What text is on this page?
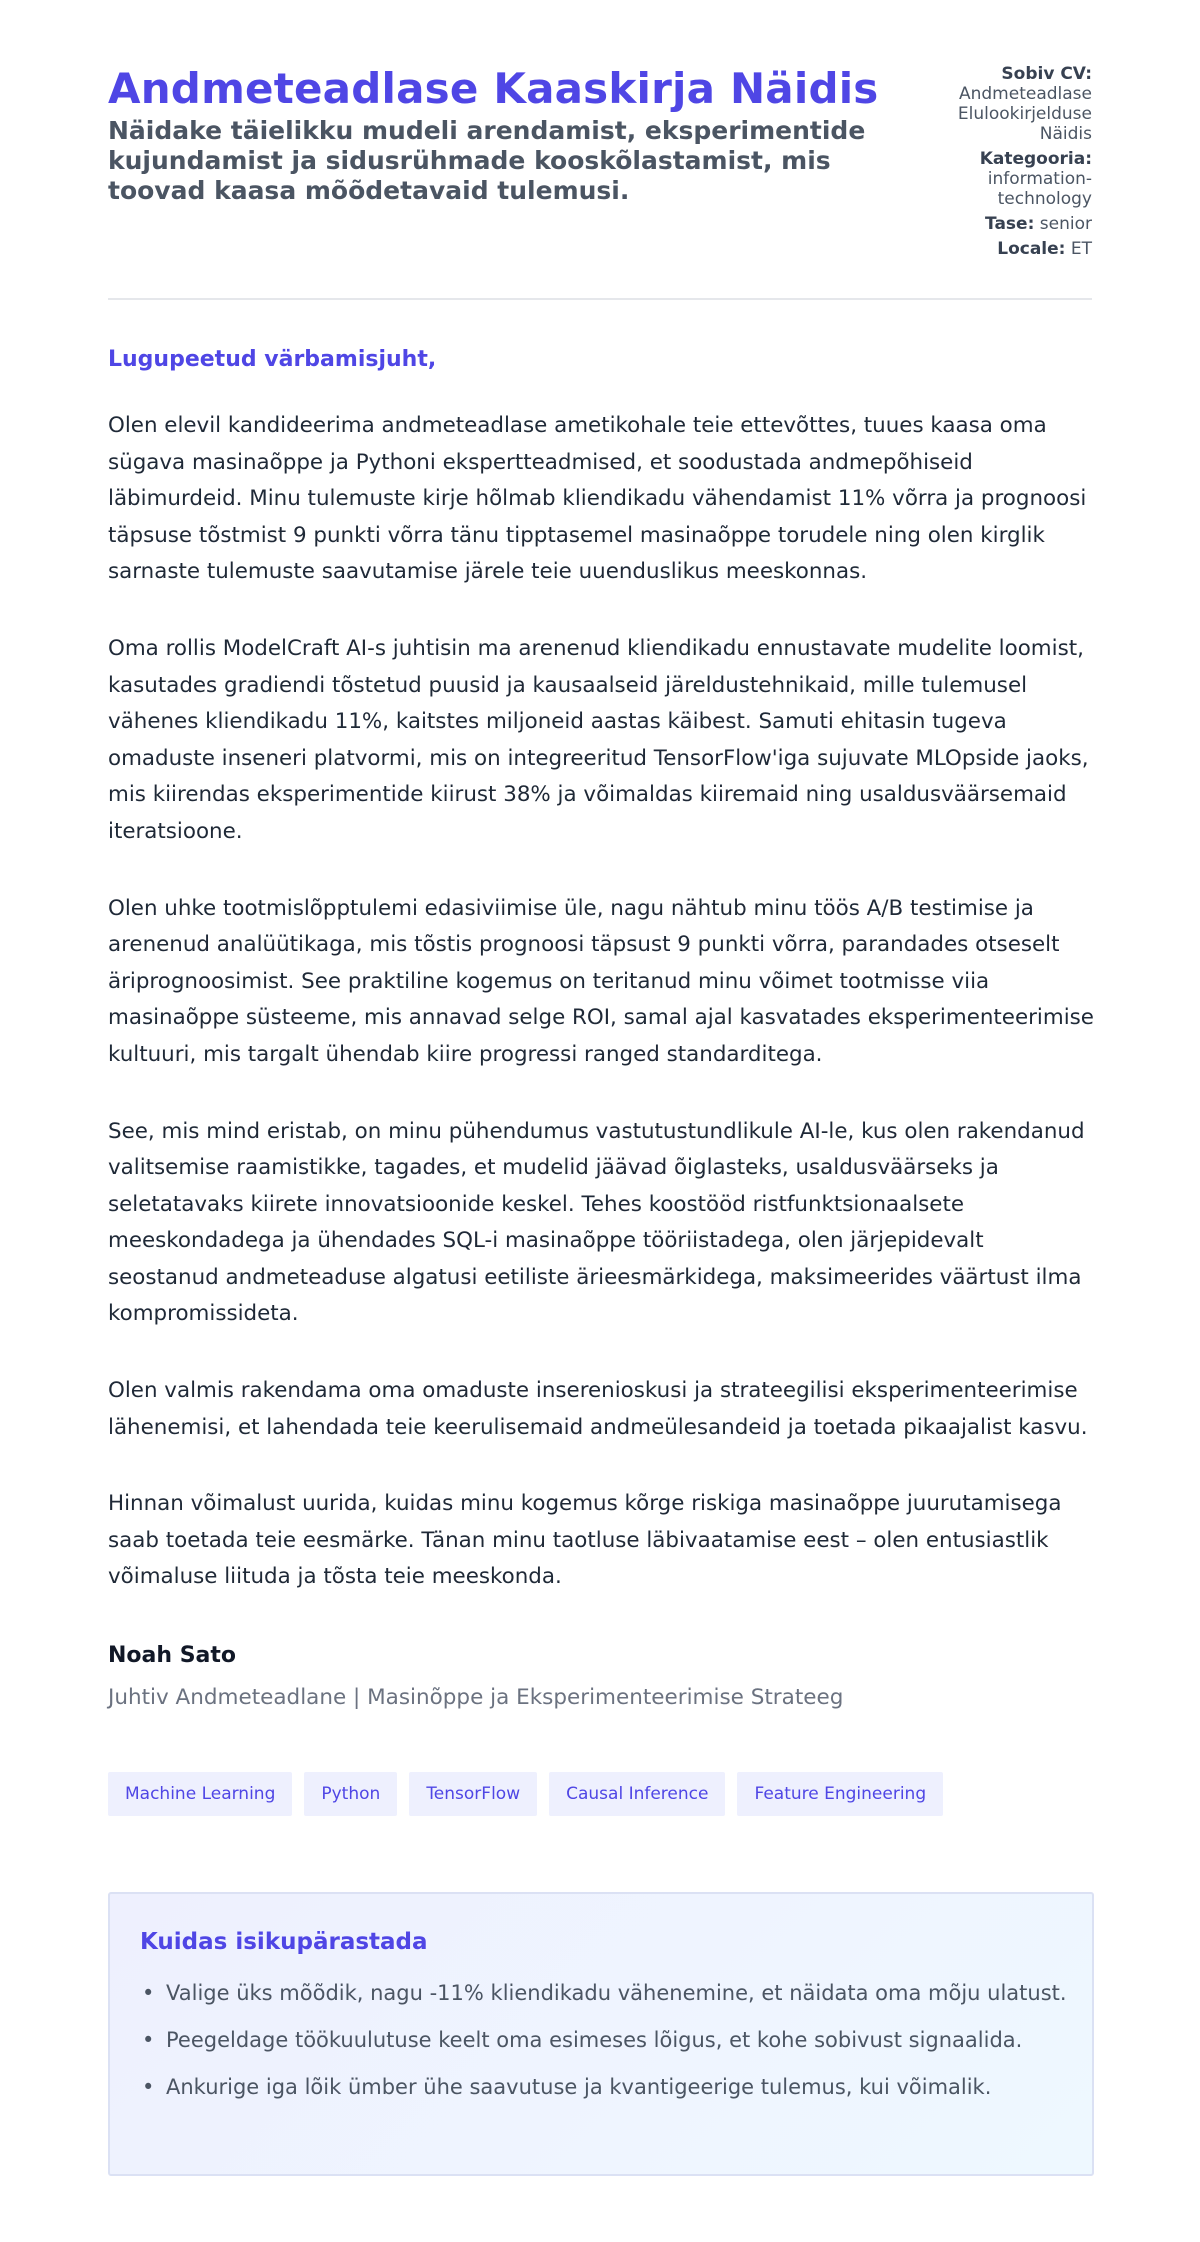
Andmeteadlase Kaaskirja Näidis

Näidake täielikku mudeli arendamist, eksperimentide kujundamist ja sidusrühmade kooskõlastamist, mis toovad kaasa mõõdetavaid tulemusi.

Sobiv CV:
Andmeteadlase Elulookirjelduse Näidis
Kategooria:
information-technology
Tase: senior
Locale: ET

Lugupeetud värbamisjuht,

Olen elevil kandideerima andmeteadlase ametikohale teie ettevõttes, tuues kaasa oma sügava masinaõppe ja Pythoni ekspertteadmised, et soodustada andmepõhiseid läbimurdeid. Minu tulemuste kirje hõlmab kliendikadu vähendamist 11% võrra ja prognoosi täpsuse tõstmist 9 punkti võrra tänu tipptasemel masinaõppe torudele ning olen kirglik sarnaste tulemuste saavutamise järele teie uuenduslikus meeskonnas.

Oma rollis ModelCraft AI-s juhtisin ma arenenud kliendikadu ennustavate mudelite loomist, kasutades gradiendi tõstetud puusid ja kausaalseid järeldustehnikaid, mille tulemusel vähenes kliendikadu 11%, kaitstes miljoneid aastas käibest. Samuti ehitasin tugeva omaduste inseneri platvormi, mis on integreeritud TensorFlow'iga sujuvate MLOpside jaoks, mis kiirendas eksperimentide kiirust 38% ja võimaldas kiiremaid ning usaldusväärsemaid iteratsioone.

Olen uhke tootmislõpptulemi edasiviimise üle, nagu nähtub minu töös A/B testimise ja arenenud analüütikaga, mis tõstis prognoosi täpsust 9 punkti võrra, parandades otseselt äriprognoosimist. See praktiline kogemus on teritanud minu võimet tootmisse viia masinaõppe süsteeme, mis annavad selge ROI, samal ajal kasvatades eksperimenteerimise kultuuri, mis targalt ühendab kiire progressi ranged standarditega.

See, mis mind eristab, on minu pühendumus vastutustundlikule AI-le, kus olen rakendanud valitsemise raamistikke, tagades, et mudelid jäävad õiglasteks, usaldusväärseks ja seletatavaks kiirete innovatsioonide keskel. Tehes koostööd ristfunktsionaalsete meeskondadega ja ühendades SQL-i masinaõppe tööriistadega, olen järjepidevalt seostanud andmeteaduse algatusi eetiliste ärieesmärkidega, maksimeerides väärtust ilma kompromissideta.

Olen valmis rakendama oma omaduste inserenioskusi ja strateegilisi eksperimenteerimise lähenemisi, et lahendada teie keerulisemaid andmeülesandeid ja toetada pikaajalist kasvu.

Hinnan võimalust uurida, kuidas minu kogemus kõrge riskiga masinaõppe juurutamisega saab toetada teie eesmärke. Tänan minu taotluse läbivaatamise eest – olen entusiastlik võimaluse liituda ja tõsta teie meeskonda.

Noah Sato

Juhtiv Andmeteadlane | Masinõppe ja Eksperimenteerimise Strateeg

Machine Learning	Python	TensorFlow	Causal Inference	Feature Engineering
Kuidas isikupärastada
• Valige üks mõõdik, nagu -11% kliendikadu vähenemine, et näidata oma mõju ulatust.
• Peegeldage töökuulutuse keelt oma esimeses lõigus, et kohe sobivust signaalida.
• Ankurige iga lõik ümber ühe saavutuse ja kvantigeerige tulemus, kui võimalik.
